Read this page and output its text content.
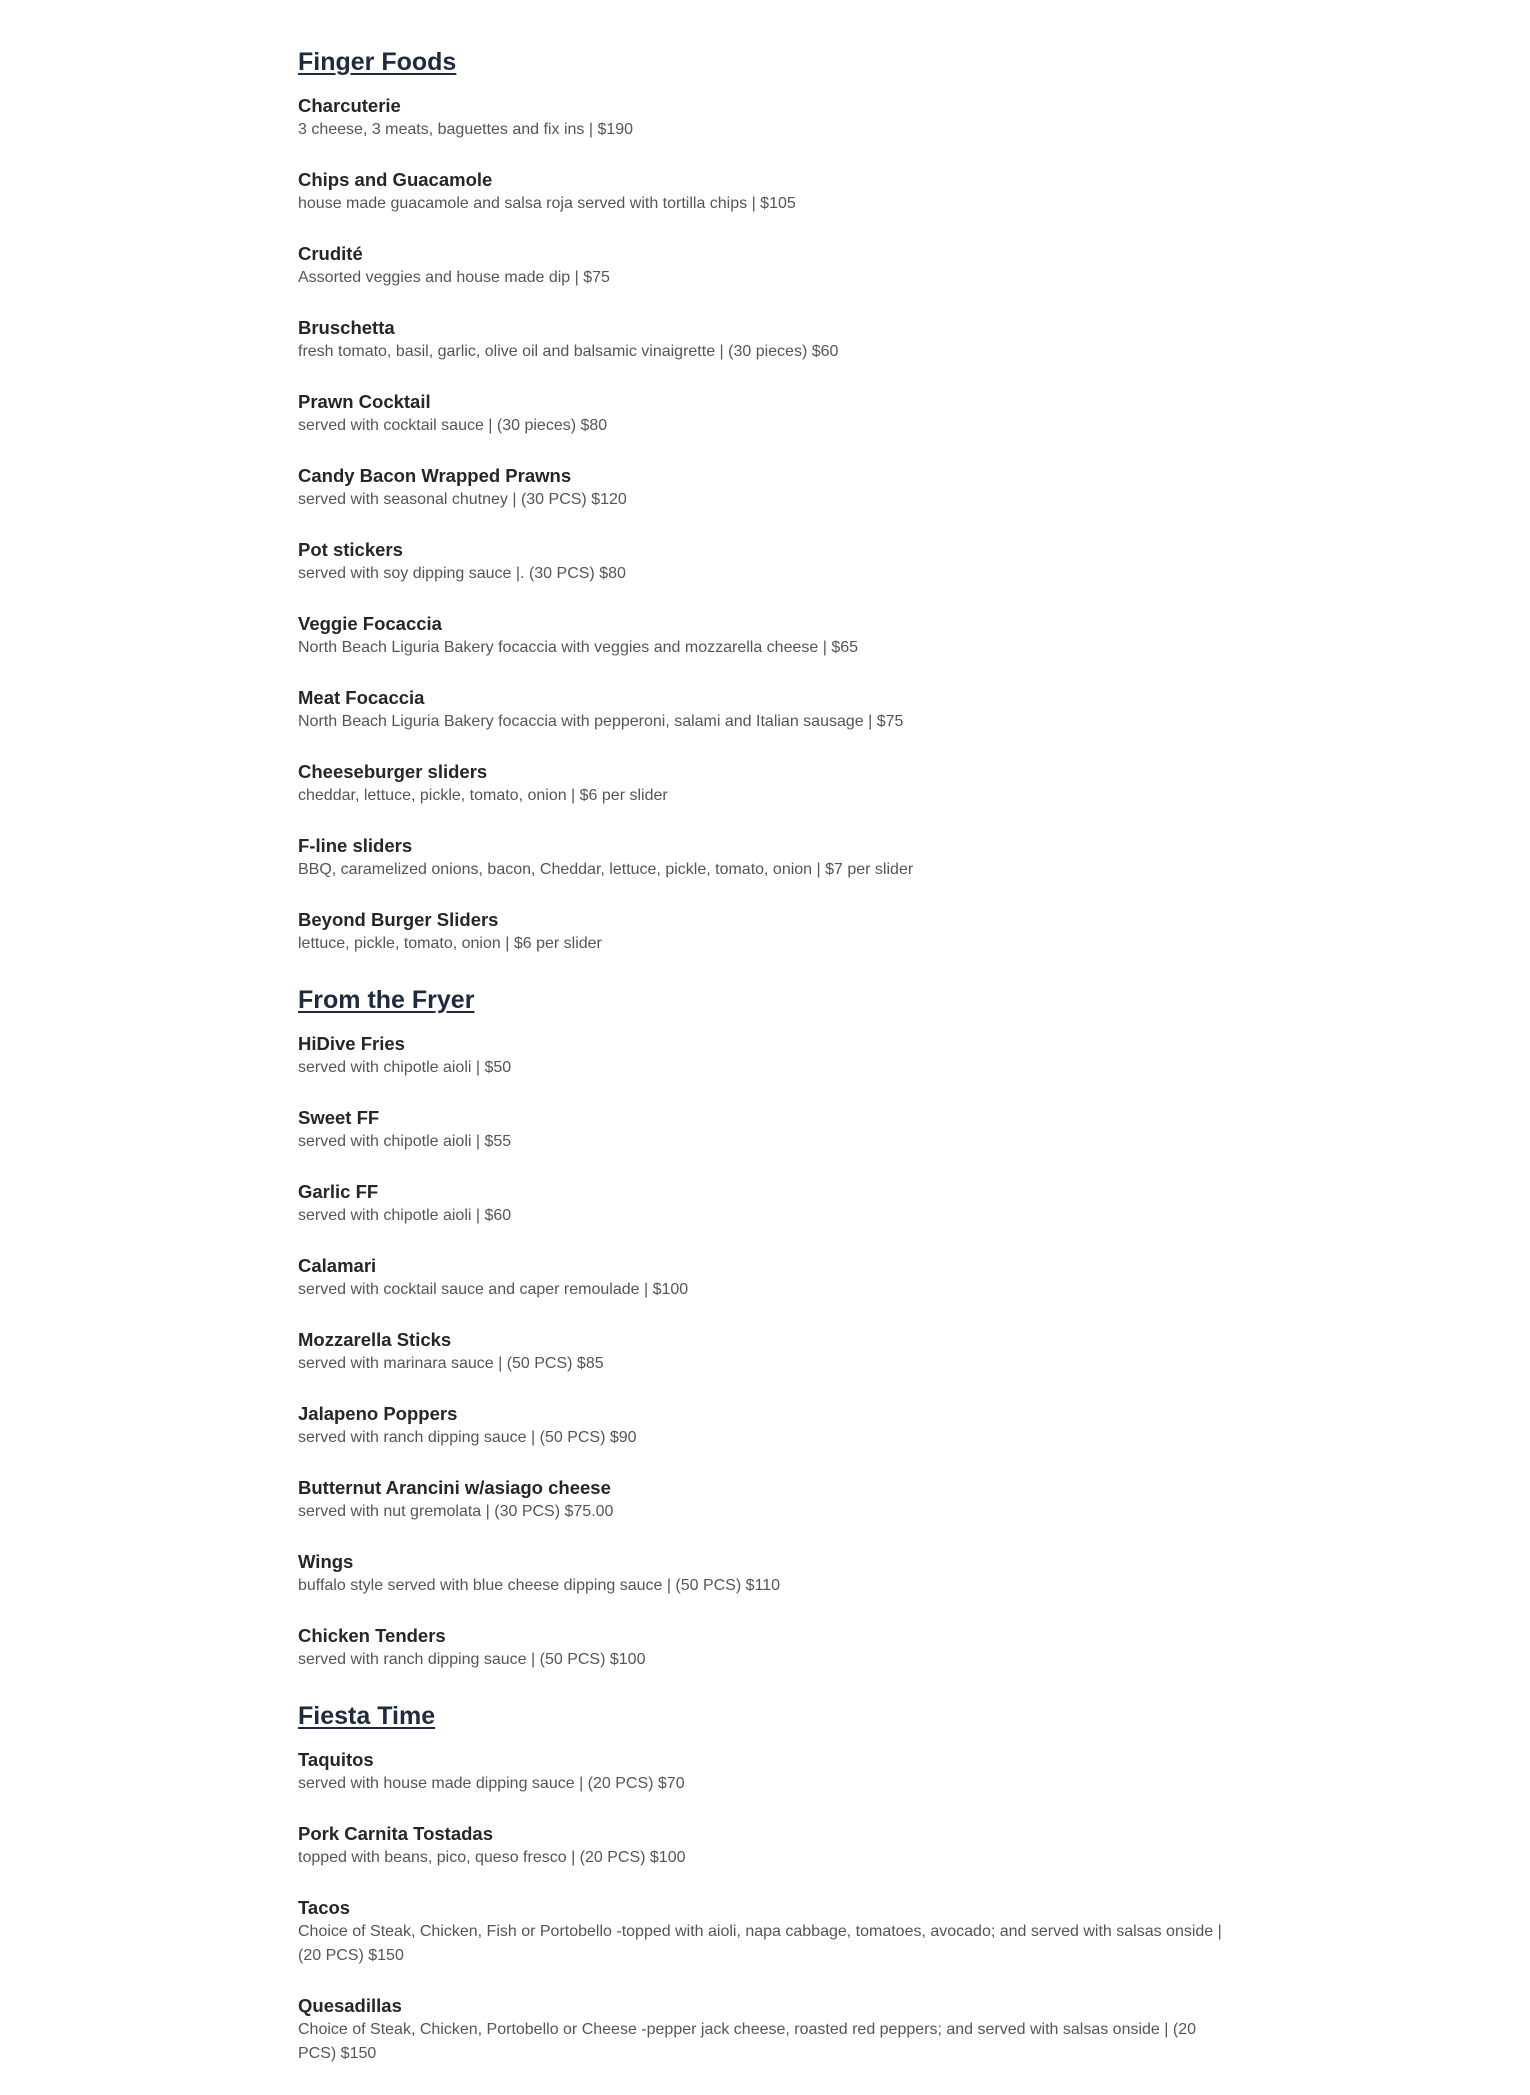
Finger Foods
Charcuterie
3 cheese, 3 meats, baguettes and fix ins | $190
Chips and Guacamole
house made guacamole and salsa roja served with tortilla chips | $105
Crudité
Assorted veggies and house made dip | $75
Bruschetta
fresh tomato, basil, garlic, olive oil and balsamic vinaigrette | (30 pieces) $60
Prawn Cocktail
served with cocktail sauce | (30 pieces) $80
Candy Bacon Wrapped Prawns
served with seasonal chutney | (30 PCS) $120
Pot stickers
served with soy dipping sauce |. (30 PCS) $80
Veggie Focaccia
North Beach Liguria Bakery focaccia with veggies and mozzarella cheese | $65
Meat Focaccia
North Beach Liguria Bakery focaccia with pepperoni, salami and Italian sausage | $75
Cheeseburger sliders
cheddar, lettuce, pickle, tomato, onion | $6 per slider
F-line sliders
BBQ, caramelized onions, bacon, Cheddar, lettuce, pickle, tomato, onion | $7 per slider
Beyond Burger Sliders
lettuce, pickle, tomato, onion | $6 per slider
From the Fryer
HiDive Fries
served with chipotle aioli | $50
Sweet FF
served with chipotle aioli | $55
Garlic FF
served with chipotle aioli | $60
Calamari
served with cocktail sauce and caper remoulade | $100
Mozzarella Sticks
served with marinara sauce | (50 PCS) $85
Jalapeno Poppers
served with ranch dipping sauce | (50 PCS) $90
Butternut Arancini w/asiago cheese
served with nut gremolata | (30 PCS) $75.00
Wings
buffalo style served with blue cheese dipping sauce | (50 PCS) $110
Chicken Tenders
served with ranch dipping sauce | (50 PCS) $100
Fiesta Time
Taquitos
served with house made dipping sauce | (20 PCS) $70
Pork Carnita Tostadas
topped with beans, pico, queso fresco | (20 PCS) $100
Tacos
Choice of Steak, Chicken, Fish or Portobello -topped with aioli, napa cabbage, tomatoes, avocado; and served with salsas onside | (20 PCS) $150
Quesadillas
Choice of Steak, Chicken, Portobello or Cheese -pepper jack cheese, roasted red peppers; and served with salsas onside | (20 PCS) $150
